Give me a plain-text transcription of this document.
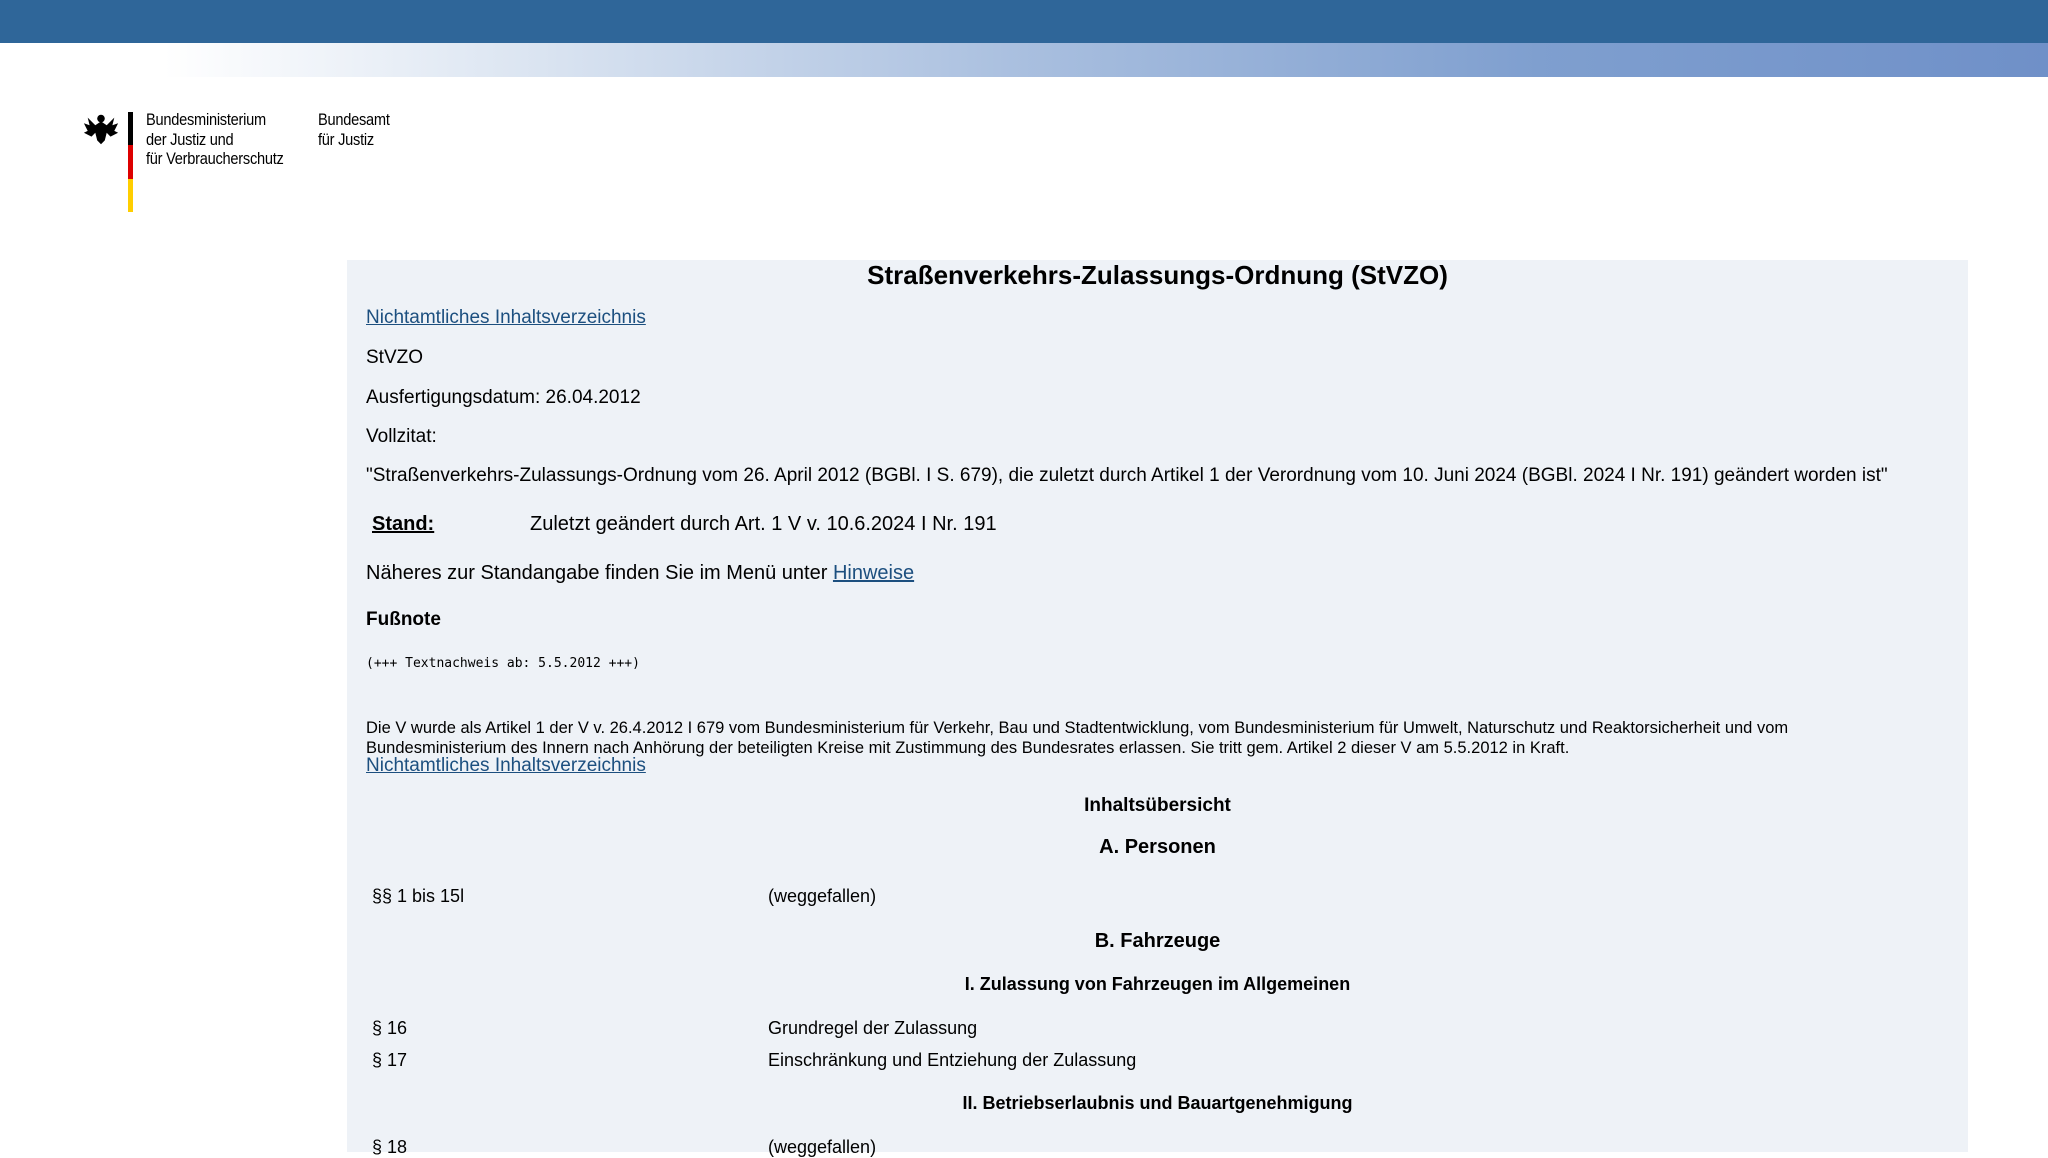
Bundesministerium
der Justiz und
für Verbraucherschutz
Bundesamt
für Justiz
Straßenverkehrs-Zulassungs-Ordnung (StVZO)
Nichtamtliches Inhaltsverzeichnis
StVZO
Ausfertigungsdatum: 26.04.2012
Vollzitat:
"Straßenverkehrs-Zulassungs-Ordnung vom 26. April 2012 (BGBl. I S. 679), die zuletzt durch Artikel 1 der Verordnung vom 10. Juni 2024 (BGBl. 2024 I Nr. 191) geändert worden ist"
Stand:	Zuletzt geändert durch Art. 1 V v. 10.6.2024 I Nr. 191
Näheres zur Standangabe finden Sie im Menü unter Hinweise
Fußnote
(+++ Textnachweis ab: 5.5.2012 +++)
Die V wurde als Artikel 1 der V v. 26.4.2012 I 679 vom Bundesministerium für Verkehr, Bau und Stadtentwicklung, vom Bundesministerium für Umwelt, Naturschutz und Reaktorsicherheit und vom
Bundesministerium des Innern nach Anhörung der beteiligten Kreise mit Zustimmung des Bundesrates erlassen. Sie tritt gem. Artikel 2 dieser V am 5.5.2012 in Kraft.
Nichtamtliches Inhaltsverzeichnis
Inhaltsübersicht
A. Personen
§§ 1 bis 15l	(weggefallen)
B. Fahrzeuge
I. Zulassung von Fahrzeugen im Allgemeinen
§ 16	Grundregel der Zulassung
§ 17	Einschränkung und Entziehung der Zulassung
II. Betriebserlaubnis und Bauartgenehmigung
§ 18	(weggefallen)
